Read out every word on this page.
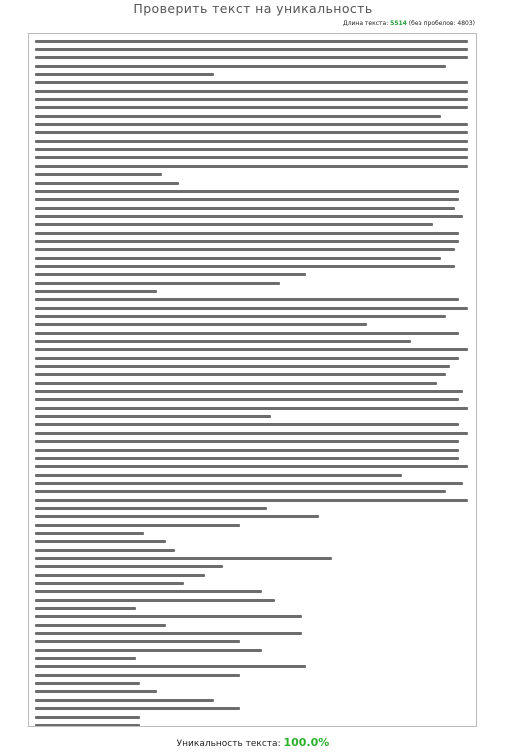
Проверить текст на уникальность
Длина текста: 5514 (без пробелов: 4803)
Уникальность текста: 100.0%
